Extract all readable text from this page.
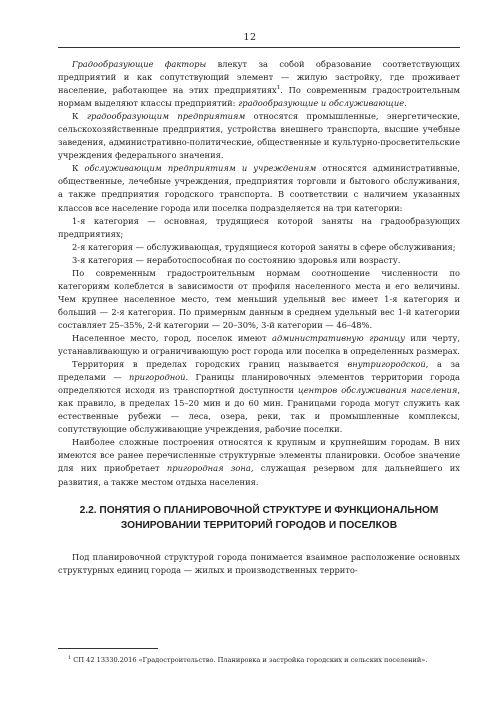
12

Градообразующие факторы влекут за собой образование соответствующих предприятий и как сопутствующий элемент — жилую застройку, где проживает население, работающее на этих предприятиях$^1$. По современным градостроительным нормам выделяют классы предприятий: градообразующие и обслуживающие.

К градообразующим предприятиям относятся промышленные, энергетические, сельскохозяйственные предприятия, устройства внешнего транспорта, высшие учебные заведения, административно-политические, общественные и культурно-просветительские учреждения федерального значения.

К обслуживающим предприятиям и учреждениям относятся административные, общественные, лечебные учреждения, предприятия торговли и бытового обслуживания, а также предприятия городского транспорта. В соответствии с наличием указанных классов все население города или поселка подразделяется на три категории:

1-я категория — основная, трудящиеся которой заняты на градообразующих предприятиях;

2-я категория — обслуживающая, трудящиеся которой заняты в сфере обслуживания;

3-я категория — неработоспособная по состоянию здоровья или возрасту.

По современным градостроительным нормам соотношение численности по категориям колеблется в зависимости от профиля населенного места и его величины. Чем крупнее населенное место, тем меньший удельный вес имеет 1-я категория и больший — 2-я категория. По примерным данным в среднем удельный вес 1-й категории составляет 25–35%, 2-й категории — 20–30%, 3-й категории — 46–48%.

Населенное место, город, поселок имеют административную границу или черту, устанавливающую и ограничивающую рост города или поселка в определенных размерах.

Территория в пределах городских границ называется внутригородской, а за пределами — пригородной. Границы планировочных элементов территории города определяются исходя из транспортной доступности центров обслуживания населения, как правило, в пределах 15–20 мин и до 60 мин. Границами города могут служить как естественные рубежи — леса, озера, реки, так и промышленные комплексы, сопутствующие обслуживающие учреждения, рабочие поселки.

Наиболее сложные построения относятся к крупным и крупнейшим городам. В них имеются все ранее перечисленные структурные элементы планировки. Особое значение для них приобретает пригородная зона, служащая резервом для дальнейшего их развития, а также местом отдыха населения.

2.2. ПОНЯТИЯ О ПЛАНИРОВОЧНОЙ СТРУКТУРЕ И ФУНКЦИОНАЛЬНОМ ЗОНИРОВАНИИ ТЕРРИТОРИЙ ГОРОДОВ И ПОСЕЛКОВ

Под планировочной структурой города понимается взаимное расположение основных структурных единиц города — жилых и производственных террито-

$^1$ СП 42 13330.2016 «Градостроительство. Планировка и застройка городских и сельских поселений».
